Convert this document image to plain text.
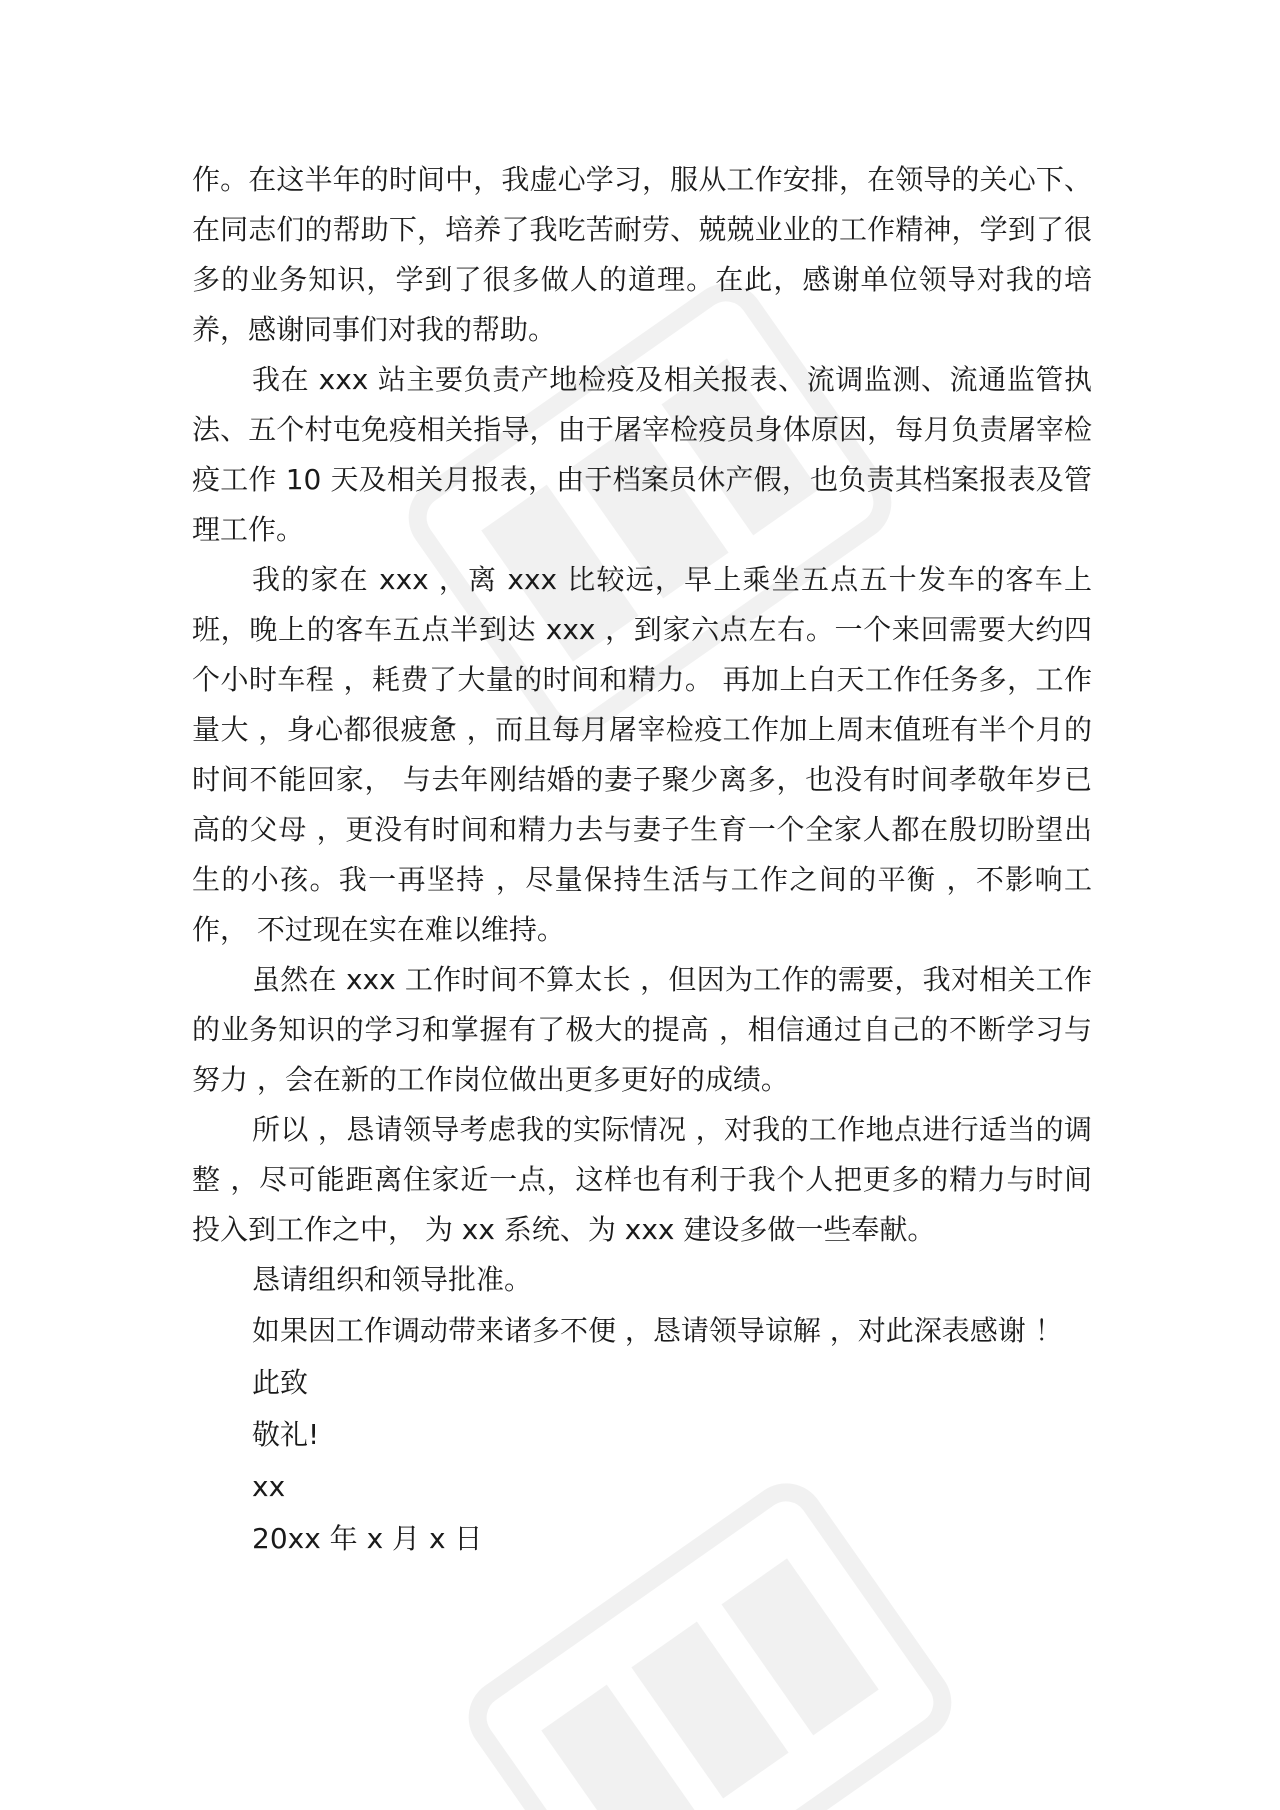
作。在这半年的时间中，我虚心学习，服从工作安排，在领导的关心下、在同志们的帮助下，培养了我吃苦耐劳、兢兢业业的工作精神，学到了很多的业务知识，学到了很多做人的道理。在此，感谢单位领导对我的培养，感谢同事们对我的帮助。

我在 xxx 站主要负责产地检疫及相关报表、流调监测、流通监管执法、五个村屯免疫相关指导，由于屠宰检疫员身体原因，每月负责屠宰检疫工作 10 天及相关月报表，由于档案员休产假，也负责其档案报表及管理工作。

我的家在 xxx ，离 xxx 比较远，早上乘坐五点五十发车的客车上班，晚上的客车五点半到达 xxx ，到家六点左右。一个来回需要大约四个小时车程 ，耗费了大量的时间和精力。 再加上白天工作任务多，工作量大 ，身心都很疲惫 ，而且每月屠宰检疫工作加上周末值班有半个月的时间不能回家， 与去年刚结婚的妻子聚少离多，也没有时间孝敬年岁已高的父母 ，更没有时间和精力去与妻子生育一个全家人都在殷切盼望出生的小孩。我一再坚持 ，尽量保持生活与工作之间的平衡 ，不影响工作， 不过现在实在难以维持。

虽然在 xxx 工作时间不算太长 ，但因为工作的需要，我对相关工作的业务知识的学习和掌握有了极大的提高 ，相信通过自己的不断学习与努力 ，会在新的工作岗位做出更多更好的成绩。

所以 ，恳请领导考虑我的实际情况 ，对我的工作地点进行适当的调整 ，尽可能距离住家近一点，这样也有利于我个人把更多的精力与时间投入到工作之中， 为 xx 系统、为 xxx 建设多做一些奉献。

恳请组织和领导批准。

如果因工作调动带来诸多不便 ，恳请领导谅解 ，对此深表感谢 ！

此致

敬礼!

xx

20xx 年 x 月 x 日
